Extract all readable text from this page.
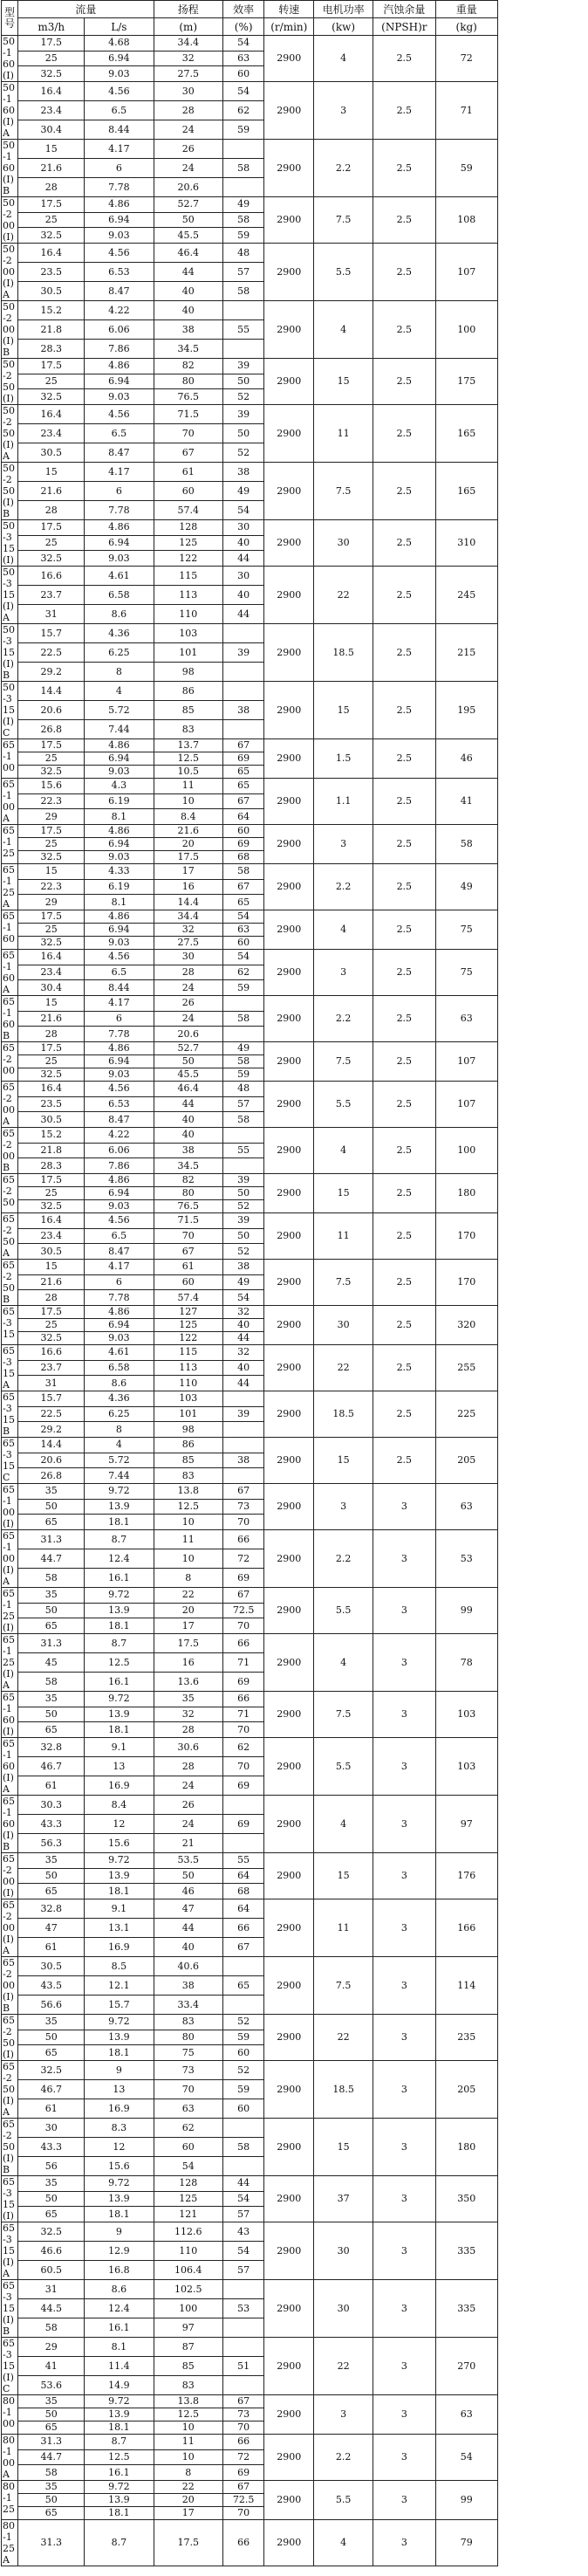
型号	流量		扬程	效率	转速	电机功率	汽蚀余量	重量
	m3/h	L/s	(m)	(%)	(r/min)	(kw)	(NPSH)r	(kg)
50-160(I)	17.5	4.68	34.4	54	2900	4	2.5	72
	25	6.94	32	63				
	32.5	9.03	27.5	60				
50-160(I)A	16.4	4.56	30	54	2900	3	2.5	71
	23.4	6.5	28	62				
	30.4	8.44	24	59				
50-160(I)B	15	4.17	26		2900	2.2	2.5	59
	21.6	6	24	58				
	28	7.78	20.6					
50-200(I)	17.5	4.86	52.7	49	2900	7.5	2.5	108
	25	6.94	50	58				
	32.5	9.03	45.5	59				
50-200(I)A	16.4	4.56	46.4	48	2900	5.5	2.5	107
	23.5	6.53	44	57				
	30.5	8.47	40	58				
50-200(I)B	15.2	4.22	40		2900	4	2.5	100
	21.8	6.06	38	55				
	28.3	7.86	34.5					
50-250(I)	17.5	4.86	82	39	2900	15	2.5	175
	25	6.94	80	50				
	32.5	9.03	76.5	52				
50-250(I)A	16.4	4.56	71.5	39	2900	11	2.5	165
	23.4	6.5	70	50				
	30.5	8.47	67	52				
50-250(I)B	15	4.17	61	38	2900	7.5	2.5	165
	21.6	6	60	49				
	28	7.78	57.4	54				
50-315(I)	17.5	4.86	128	30	2900	30	2.5	310
	25	6.94	125	40				
	32.5	9.03	122	44				
50-315(I)A	16.6	4.61	115	30	2900	22	2.5	245
	23.7	6.58	113	40				
	31	8.6	110	44				
50-315(I)B	15.7	4.36	103		2900	18.5	2.5	215
	22.5	6.25	101	39				
	29.2	8	98					
50-315(I)C	14.4	4	86		2900	15	2.5	195
	20.6	5.72	85	38				
	26.8	7.44	83					
65-100	17.5	4.86	13.7	67	2900	1.5	2.5	46
	25	6.94	12.5	69				
	32.5	9.03	10.5	65				
65-100A	15.6	4.3	11	65	2900	1.1	2.5	41
	22.3	6.19	10	67				
	29	8.1	8.4	64				
65-125	17.5	4.86	21.6	60	2900	3	2.5	58
	25	6.94	20	69				
	32.5	9.03	17.5	68				
65-125A	15	4.33	17	58	2900	2.2	2.5	49
	22.3	6.19	16	67				
	29	8.1	14.4	65				
65-160	17.5	4.86	34.4	54	2900	4	2.5	75
	25	6.94	32	63				
	32.5	9.03	27.5	60				
65-160A	16.4	4.56	30	54	2900	3	2.5	75
	23.4	6.5	28	62				
	30.4	8.44	24	59				
65-160B	15	4.17	26		2900	2.2	2.5	63
	21.6	6	24	58				
	28	7.78	20.6					
65-200	17.5	4.86	52.7	49	2900	7.5	2.5	107
	25	6.94	50	58				
	32.5	9.03	45.5	59				
65-200A	16.4	4.56	46.4	48	2900	5.5	2.5	107
	23.5	6.53	44	57				
	30.5	8.47	40	58				
65-200B	15.2	4.22	40		2900	4	2.5	100
	21.8	6.06	38	55				
	28.3	7.86	34.5					
65-250	17.5	4.86	82	39	2900	15	2.5	180
	25	6.94	80	50				
	32.5	9.03	76.5	52				
65-250A	16.4	4.56	71.5	39	2900	11	2.5	170
	23.4	6.5	70	50				
	30.5	8.47	67	52				
65-250B	15	4.17	61	38	2900	7.5	2.5	170
	21.6	6	60	49				
	28	7.78	57.4	54				
65-315	17.5	4.86	127	32	2900	30	2.5	320
	25	6.94	125	40				
	32.5	9.03	122	44				
65-315A	16.6	4.61	115	32	2900	22	2.5	255
	23.7	6.58	113	40				
	31	8.6	110	44				
65-315B	15.7	4.36	103		2900	18.5	2.5	225
	22.5	6.25	101	39				
	29.2	8	98					
65-315C	14.4	4	86		2900	15	2.5	205
	20.6	5.72	85	38				
	26.8	7.44	83					
65-100(I)	35	9.72	13.8	67	2900	3	3	63
	50	13.9	12.5	73				
	65	18.1	10	70				
65-100(I)A	31.3	8.7	11	66	2900	2.2	3	53
	44.7	12.4	10	72				
	58	16.1	8	69				
65-125(I)	35	9.72	22	67	2900	5.5	3	99
	50	13.9	20	72.5				
	65	18.1	17	70				
65-125(I)A	31.3	8.7	17.5	66	2900	4	3	78
	45	12.5	16	71				
	58	16.1	13.6	69				
65-160(I)	35	9.72	35	66	2900	7.5	3	103
	50	13.9	32	71				
	65	18.1	28	70				
65-160(I)A	32.8	9.1	30.6	62	2900	5.5	3	103
	46.7	13	28	70				
	61	16.9	24	69				
65-160(I)B	30.3	8.4	26		2900	4	3	97
	43.3	12	24	69				
	56.3	15.6	21					
65-200(I)	35	9.72	53.5	55	2900	15	3	176
	50	13.9	50	64				
	65	18.1	46	68				
65-200(I)A	32.8	9.1	47	64	2900	11	3	166
	47	13.1	44	66				
	61	16.9	40	67				
65-200(I)B	30.5	8.5	40.6		2900	7.5	3	114
	43.5	12.1	38	65				
	56.6	15.7	33.4					
65-250(I)	35	9.72	83	52	2900	22	3	235
	50	13.9	80	59				
	65	18.1	75	60				
65-250(I)A	32.5	9	73	52	2900	18.5	3	205
	46.7	13	70	59				
	61	16.9	63	60				
65-250(I)B	30	8.3	62		2900	15	3	180
	43.3	12	60	58				
	56	15.6	54					
65-315(I)	35	9.72	128	44	2900	37	3	350
	50	13.9	125	54				
	65	18.1	121	57				
65-315(I)A	32.5	9	112.6	43	2900	30	3	335
	46.6	12.9	110	54				
	60.5	16.8	106.4	57				
65-315(I)B	31	8.6	102.5		2900	30	3	335
	44.5	12.4	100	53				
	58	16.1	97					
65-315(I)C	29	8.1	87		2900	22	3	270
	41	11.4	85	51				
	53.6	14.9	83					
80-100	35	9.72	13.8	67	2900	3	3	63
	50	13.9	12.5	73				
	65	18.1	10	70				
80-100A	31.3	8.7	11	66	2900	2.2	3	54
	44.7	12.5	10	72				
	58	16.1	8	69				
80-125	35	9.72	22	67	2900	5.5	3	99
	50	13.9	20	72.5				
	65	18.1	17	70				
80-125A	31.3	8.7	17.5	66	2900	4	3	79
